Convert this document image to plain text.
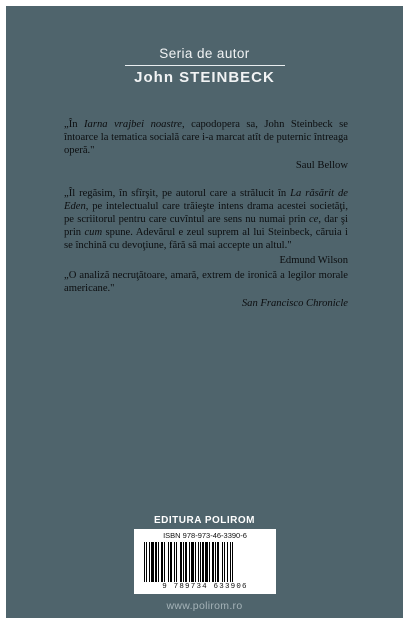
Seria de autor
John STEINBECK
„În Iarna vrajbei noastre, capodopera sa, John Steinbeck se întoarce la tematica socială care i-a marcat atît de puternic întreaga operă."
Saul Bellow
„Îl regăsim, în sfîrşit, pe autorul care a strălucit în La răsărit de Eden, pe intelectualul care trăieşte intens drama acestei societăţi, pe scriitorul pentru care cuvîntul are sens nu numai prin ce, dar şi prin cum spune. Adevărul e zeul suprem al lui Steinbeck, căruia i se închină cu devoţiune, fără să mai accepte un altul."
Edmund Wilson
„O analiză necruţătoare, amară, extrem de ironică a legilor morale americane."
San Francisco Chronicle
EDITURA POLIROM
ISBN 978-973-46-3390-6
9 789734 633906
www.polirom.ro
